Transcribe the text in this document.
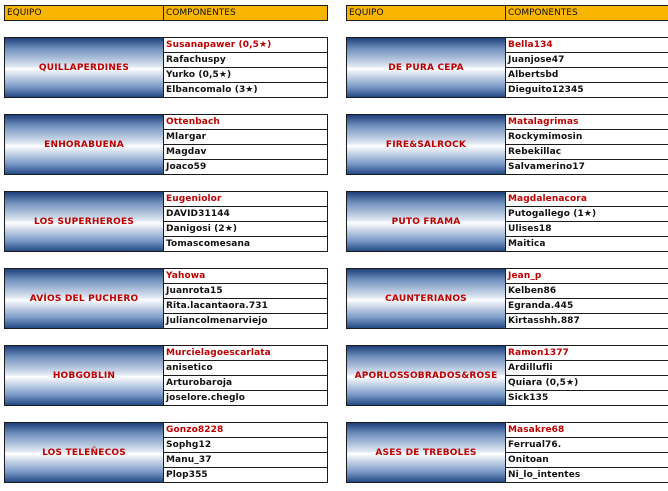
EQUIPO	COMPONENTES
QUILLAPERDINES
Susanapawer (0,5★)
Rafachuspy
Yurko (0,5★)
Elbancomalo (3★)
ENHORABUENA
Ottenbach
Mlargar
Magdav
Joaco59
LOS SUPERHEROES
Eugeniolor
DAVID31144
Danigosi (2★)
Tomascomesana
AVÍOS DEL PUCHERO
Yahowa
Juanrota15
Rita.lacantaora.731
Juliancolmenarviejo
HOBGOBLIN
Murcielagoescarlata
anisetico
Arturobaroja
joselore.cheglo
LOS TELEÑECOS
Gonzo8228
Sophg12
Manu_37
Plop355
EQUIPO	COMPONENTES
DE PURA CEPA
Bella134
Juanjose47
Albertsbd
Dieguito12345
FIRE&SALROCK
Matalagrimas
Rockymimosin
Rebekillac
Salvamerino17
PUTO FRAMA
Magdalenacora
Putogallego (1★)
Ulises18
Maitica
CAUNTERIANOS
Jean_p
Kelben86
Egranda.445
Kirtasshh.887
APORLOSSOBRADOS&ROSE
Ramon1377
Ardillufli
Quiara (0,5★)
Sick135
ASES DE TREBOLES
Masakre68
Ferrual76.
Onitoan
Ni_lo_intentes
